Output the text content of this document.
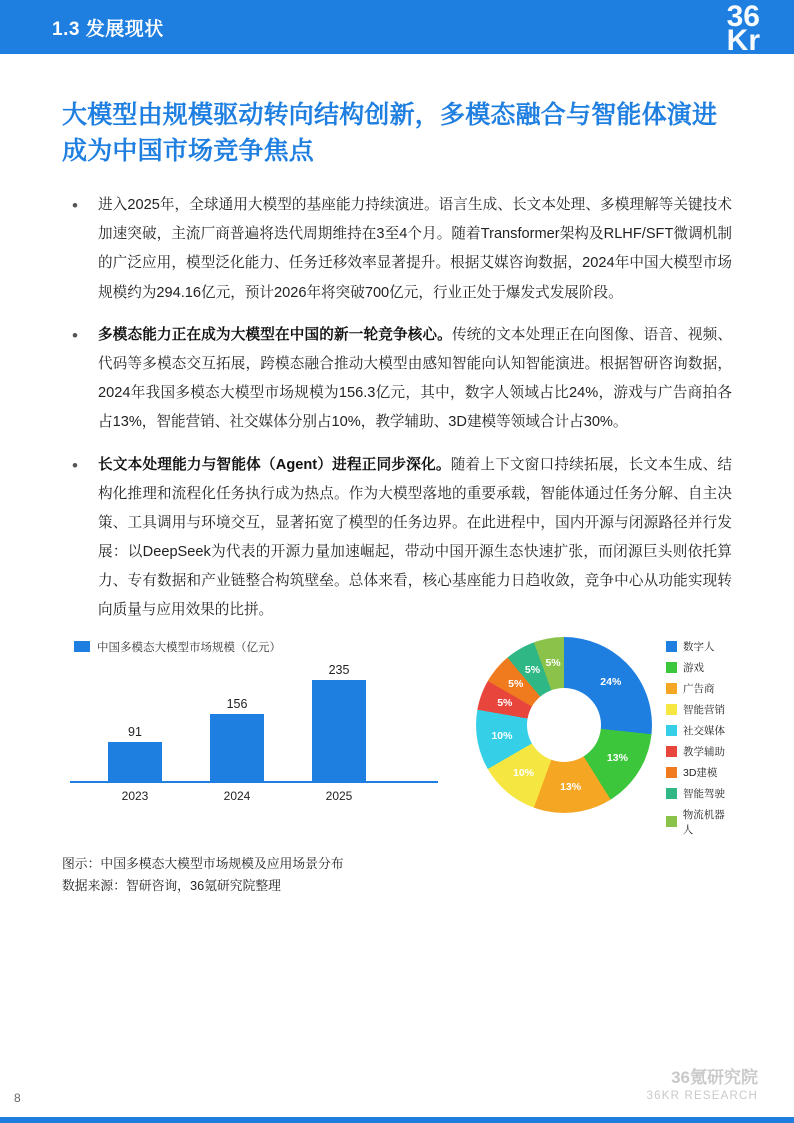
1.3 发展现状	36
Kr
大模型由规模驱动转向结构创新，多模态融合与智能体演进成为中国市场竞争焦点
• 进入2025年，全球通用大模型的基座能力持续演进。语言生成、长文本处理、多模理解等关键技术加速突破，主流厂商普遍将迭代周期维持在3至4个月。随着Transformer架构及RLHF/SFT微调机制的广泛应用，模型泛化能力、任务迁移效率显著提升。根据艾媒咨询数据，2024年中国大模型市场规模约为294.16亿元，预计2026年将突破700亿元，行业正处于爆发式发展阶段。
• 多模态能力正在成为大模型在中国的新一轮竞争核心。传统的文本处理正在向图像、语音、视频、代码等多模态交互拓展，跨模态融合推动大模型由感知智能向认知智能演进。根据智研咨询数据，2024年我国多模态大模型市场规模为156.3亿元，其中，数字人领域占比24%，游戏与广告商拍各占13%，智能营销、社交媒体分别占10%，教学辅助、3D建模等领域合计占30%。
• 长文本处理能力与智能体（Agent）进程正同步深化。随着上下文窗口持续拓展，长文本生成、结构化推理和流程化任务执行成为热点。作为大模型落地的重要承载，智能体通过任务分解、自主决策、工具调用与环境交互，显著拓宽了模型的任务边界。在此进程中，国内开源与闭源路径并行发展：以DeepSeek为代表的开源力量加速崛起，带动中国开源生态快速扩张，而闭源巨头则依托算力、专有数据和产业链整合构筑壁垒。总体来看，核心基座能力日趋收敛，竞争中心从功能实现转向质量与应用效果的比拼。
中国多模态大模型市场规模（亿元）
91
2023
156
2024
235
2025
24%
13%
13%
10%
10%
5%
5%
5%
5%
数字人
游戏
广告商
智能营销
社交媒体
教学辅助
3D建模
智能驾驶
物流机器人
图示：中国多模态大模型市场规模及应用场景分布
数据来源：智研咨询，36氪研究院整理
8
36氪研究院
36KR RESEARCH
